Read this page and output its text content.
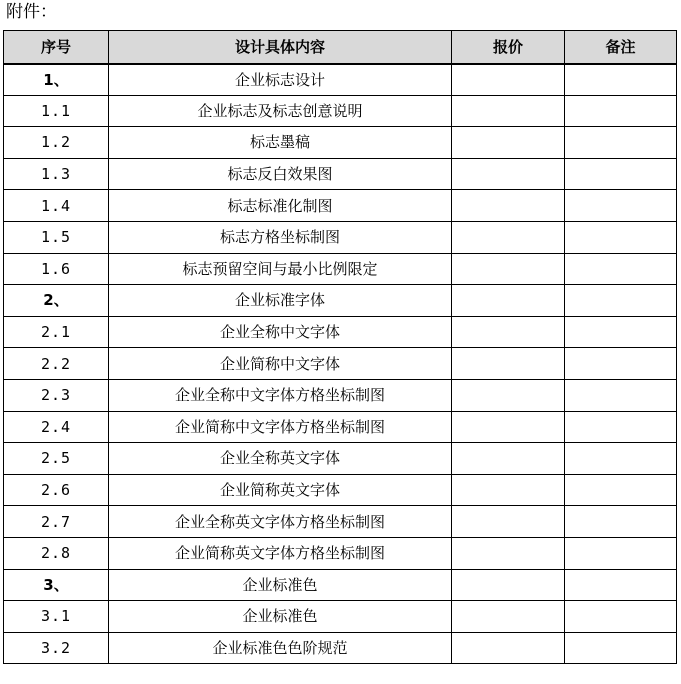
附件：
序号	设计具体内容	报价	备注
1、	企业标志设计		
1.1	企业标志及标志创意说明		
1.2	标志墨稿		
1.3	标志反白效果图		
1.4	标志标准化制图		
1.5	标志方格坐标制图		
1.6	标志预留空间与最小比例限定		
2、	企业标准字体		
2.1	企业全称中文字体		
2.2	企业简称中文字体		
2.3	企业全称中文字体方格坐标制图		
2.4	企业简称中文字体方格坐标制图		
2.5	企业全称英文字体		
2.6	企业简称英文字体		
2.7	企业全称英文字体方格坐标制图		
2.8	企业简称英文字体方格坐标制图		
3、	企业标准色		
3.1	企业标准色		
3.2	企业标准色色阶规范		
